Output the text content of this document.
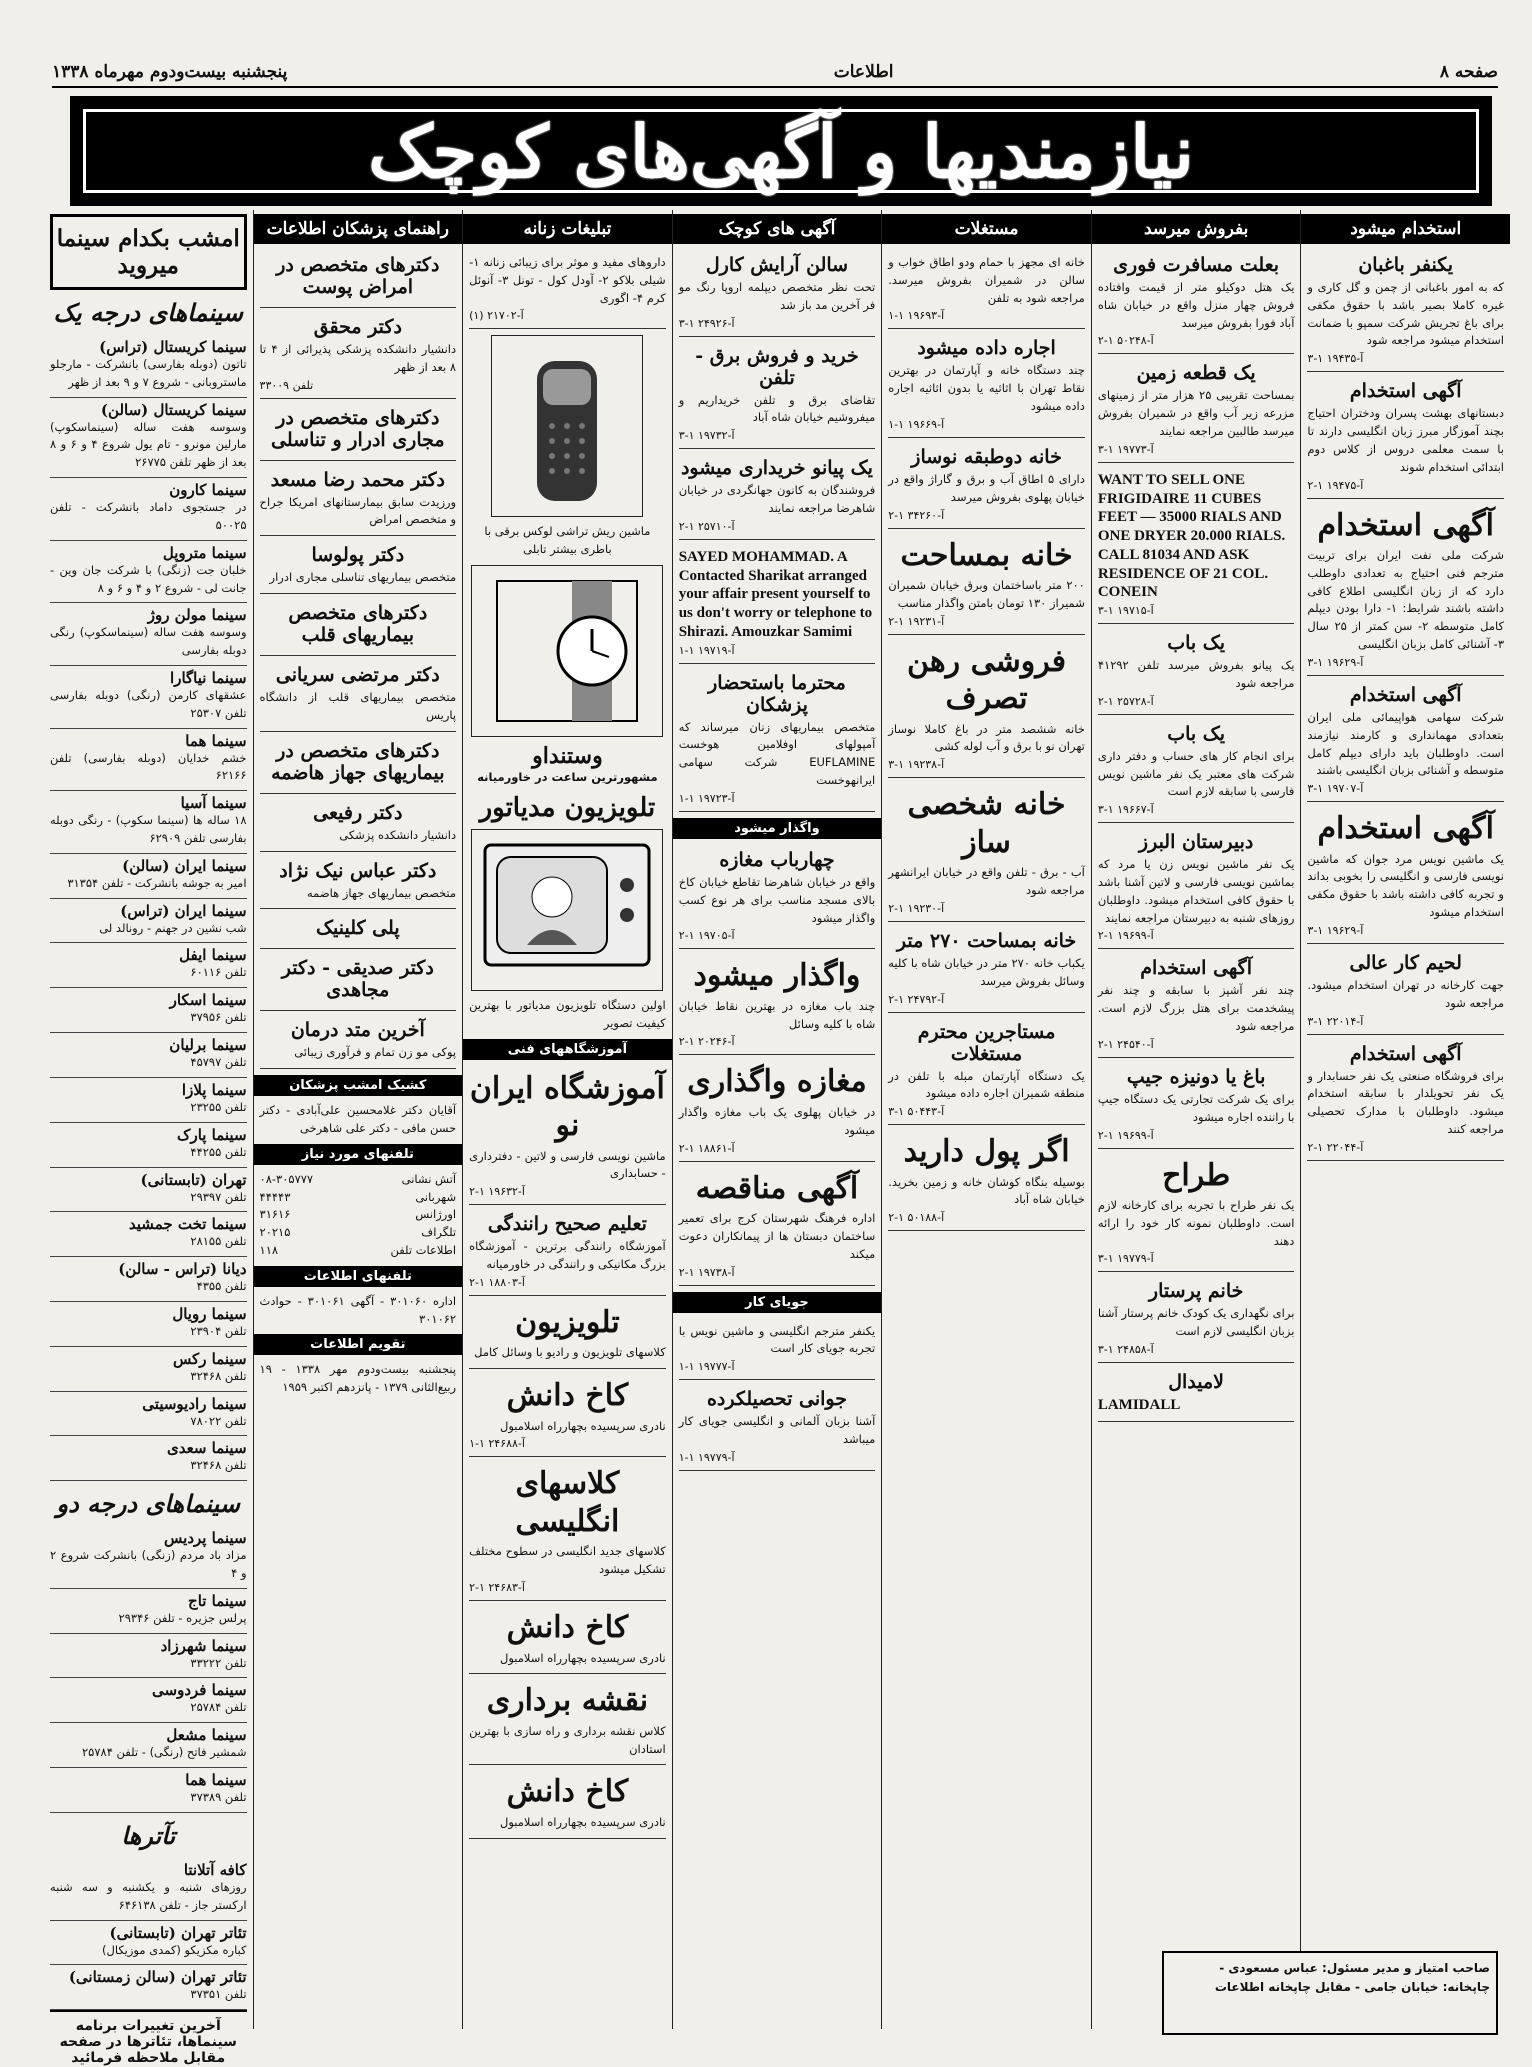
صفحه ۸
اطلاعات
پنجشنبه بیست‌ودوم مهرماه ۱۳۳۸
نیازمندیها و آگهی‌های کوچک
استخدام میشود
یکنفر باغبان
که به امور باغبانی از چمن و گل کاری و غیره کاملا بصیر باشد با حقوق مکفی برای باغ تجریش شرکت سمپو با ضمانت استخدام میشود مراجعه شود
۳-۱ ۱۹۴۳۵-آ
آگهی استخدام
دبستانهای بهشت پسران ودختران احتیاج بچند آموزگار مبرز زبان انگلیسی دارند تا با سمت معلمی دروس از کلاس دوم ابتدائی استخدام شوند
۲-۱ ۱۹۴۷۵-آ
آگهی استخدام
شرکت ملی نفت ایران برای تربیت مترجم فنی احتیاج به تعدادی داوطلب دارد که از زبان انگلیسی اطلاع کافی داشته باشند شرایط: ۱- دارا بودن دیپلم کامل متوسطه ۲- سن کمتر از ۲۵ سال ۳- آشنائی کامل بزبان انگلیسی
۳-۱ ۱۹۶۲۹-آ
آگهی استخدام
شرکت سهامی هواپیمائی ملی ایران بتعدادی مهمانداری و کارمند نیازمند است. داوطلبان باید دارای دیپلم کامل متوسطه و آشنائی بزبان انگلیسی باشند
۳-۱ ۱۹۷۰۷-آ
آگهی استخدام
یک ماشین نویس مرد جوان که ماشین نویسی فارسی و انگلیسی را بخوبی بداند و تجربه کافی داشته باشد با حقوق مکفی استخدام میشود
۳-۱ ۱۹۶۲۹-آ
لحیم کار عالی
جهت کارخانه در تهران استخدام میشود. مراجعه شود
۳-۱ ۲۲۰۱۴-آ
آگهی استخدام
برای فروشگاه صنعتی یک نفر حسابدار و یک نفر تحویلدار با سابقه استخدام میشود. داوطلبان با مدارک تحصیلی مراجعه کنند
۲-۱ ۲۲۰۴۴-آ
بفروش میرسد
بعلت مسافرت فوری
یک هتل دوکیلو متر از قیمت وافتاده فروش چهار منزل واقع در خیابان شاه آباد فورا بفروش میرسد
۲-۱ ۵۰۲۴۸-آ
یک قطعه زمین
بمساحت تقریبی ۲۵ هزار متر از زمینهای مزرعه زیر آب واقع در شمیران بفروش میرسد طالبین مراجعه نمایند
۳-۱ ۱۹۷۷۳-آ
WANT TO SELL ONE FRIGIDAIRE 11 CUBES FEET — 35000 RIALS AND ONE DRYER 20.000 RIALS. CALL 81034 AND ASK RESIDENCE OF 21 COL. CONEIN
۳-۱ ۱۹۷۱۵-آ
یک باب
یک پیانو بفروش میرسد تلفن ۴۱۲۹۲ مراجعه شود
۲-۱ ۲۵۷۲۸-آ
یک باب
برای انجام کار های حساب و دفتر داری شرکت های معتبر یک نفر ماشین نویس فارسی با سابقه لازم است
۳-۱ ۱۹۶۶۷-آ
دبیرستان البرز
یک نفر ماشین نویس زن یا مرد که بماشین نویسی فارسی و لاتین آشنا باشد با حقوق کافی استخدام میشود. داوطلبان روزهای شنبه به دبیرستان مراجعه نمایند
۲-۱ ۱۹۶۹۹-آ
آگهی استخدام
چند نفر آشپز با سابقه و چند نفر پیشخدمت برای هتل بزرگ لازم است. مراجعه شود
۲-۱ ۲۴۵۴۰-آ
باغ یا دونیزه جیپ
برای یک شرکت تجارتی یک دستگاه جیپ با راننده اجاره میشود
۲-۱ ۱۹۶۹۹-آ
طراح
یک نفر طراح با تجربه برای کارخانه لازم است. داوطلبان نمونه کار خود را ارائه دهند
۳-۱ ۱۹۷۷۹-آ
خانم پرستار
برای نگهداری یک کودک خانم پرستار آشنا بزبان انگلیسی لازم است
۳-۱ ۲۴۸۵۸-آ
لامیدال
LAMIDALL
مستغلات
خانه ای مجهز با حمام ودو اطاق خواب و سالن در شمیران بفروش میرسد. مراجعه شود به تلفن
۱-۱ ۱۹۶۹۳-آ
اجاره داده میشود
چند دستگاه خانه و آپارتمان در بهترین نقاط تهران با اثاثیه یا بدون اثاثیه اجاره داده میشود
۱-۱ ۱۹۶۶۹-آ
خانه دوطبقه نوساز
دارای ۵ اطاق آب و برق و گاراژ واقع در خیابان پهلوی بفروش میرسد
۲-۱ ۳۴۲۶۰-آ
خانه بمساحت
۲۰۰ متر باساختمان وبرق خیابان شمیران شمیراز ۱۳۰ تومان بامتن واگذار مناسب
۲-۱ ۱۹۲۳۱-آ
فروشی رهن تصرف
خانه ششصد متر در باغ کاملا نوساز تهران نو با برق و آب لوله کشی
۳-۱ ۱۹۲۳۸-آ
خانه شخصی ساز
آب - برق - تلفن واقع در خیابان ایرانشهر مراجعه شود
۲-۱ ۱۹۲۳۰-آ
خانه بمساحت ۲۷۰ متر
یکباب خانه ۲۷۰ متر در خیابان شاه با کلیه وسائل بفروش میرسد
۲-۱ ۲۴۷۹۲-آ
مستاجرین محترم مستغلات
یک دستگاه آپارتمان مبله با تلفن در منطقه شمیران اجاره داده میشود
۳-۱ ۵۰۴۴۳-آ
اگر پول دارید
بوسیله بنگاه کوشان خانه و زمین بخرید. خیابان شاه آباد
۲-۱ ۵۰۱۸۸-آ
آگهی های کوچک
سالن آرایش کارل
تحت نظر متخصص دیپلمه اروپا رنگ مو فر آخرین مد باز شد
۳-۱ ۲۴۹۲۶-آ
خرید و فروش برق - تلفن
تقاضای برق و تلفن خریداریم و میفروشیم خیابان شاه آباد
۳-۱ ۱۹۷۳۲-آ
یک پیانو خریداری میشود
فروشندگان به کانون جهانگردی در خیابان شاهرضا مراجعه نمایند
۲-۱ ۲۵۷۱۰-آ
SAYED MOHAMMAD. A Contacted Sharikat arranged your affair present yourself to us don't worry or telephone to Shirazi. Amouzkar Samimi
۱-۱ ۱۹۷۱۹-آ
محترما باستحضار پزشکان
متخصص بیماریهای زنان میرساند که آمپولهای اوفلامین هوخست EUFLAMINE شرکت سهامی ایرانهوخست
۱-۱ ۱۹۷۲۳-آ
واگذار میشود
چهارباب مغازه
واقع در خیابان شاهرضا تقاطع خیابان کاخ بالای مسجد مناسب برای هر نوع کسب واگذار میشود
۲-۱ ۱۹۷۰۵-آ
واگذار میشود
چند باب مغازه در بهترین نقاط خیابان شاه با کلیه وسائل
۲-۱ ۲۰۲۴۶-آ
مغازه واگذاری
در خیابان پهلوی یک باب مغازه واگذار میشود
۲-۱ ۱۸۸۶۱-آ
آگهی مناقصه
اداره فرهنگ شهرستان کرج برای تعمیر ساختمان دبستان ها از پیمانکاران دعوت میکند
۲-۱ ۱۹۷۳۸-آ
جویای کار
یکنفر مترجم انگلیسی و ماشین نویس با تجربه جویای کار است
۱-۱ ۱۹۷۷۷-آ
جوانی تحصیلکرده
آشنا بزبان آلمانی و انگلیسی جویای کار میباشد
۱-۱ ۱۹۷۷۹-آ
تبلیغات زنانه
داروهای مفید و موثر برای زیبائی زنانه ۱- شیلی بلاکو ۲- آودل کول - تونل ۳- آنوئل کرم ۴- اگوری
(۱) ۲۱۷۰۲-آ
ماشین ریش تراشی لوکس برقی با باطری بیشتر تابلی
وستنداو
مشهورترین ساعت در خاورمیانه
تلویزیون مدیاتور
اولین دستگاه تلویزیون مدیاتور با بهترین کیفیت تصویر
آموزشگاههای فنی
آموزشگاه ایران نو
ماشین نویسی فارسی و لاتین - دفترداری - حسابداری
۲-۱ ۱۹۶۳۲-آ
تعلیم صحیح رانندگی
آموزشگاه رانندگی برترین - آموزشگاه بزرگ مکانیکی و رانندگی در خاورمیانه
۲-۱ ۱۸۸۰۳-آ
تلویزیون
کلاسهای تلویزیون و رادیو با وسائل کامل
کاخ دانش
نادری سرپسیده بچهارراه اسلامبول
۱-۱ ۲۴۶۸۸-آ
کلاسهای انگلیسی
کلاسهای جدید انگلیسی در سطوح مختلف تشکیل میشود
۲-۱ ۲۴۶۸۳-آ
کاخ دانش
نادری سرپسیده بچهارراه اسلامبول
نقشه برداری
کلاس نقشه برداری و راه سازی با بهترین استادان
کاخ دانش
نادری سرپسیده بچهارراه اسلامبول
راهنمای پزشکان اطلاعات
دکترهای متخصص در امراض پوست
دکتر محقق
دانشیار دانشکده پزشکی پذیرائی از ۴ تا ۸ بعد از ظهر
تلفن ۳۳۰۰۹
دکترهای متخصص در مجاری ادرار و تناسلی
دکتر محمد رضا مسعد
ورزیدت سابق بیمارستانهای امریکا جراح و متخصص امراض
دکتر پولوسا
متخصص بیماریهای تناسلی مجاری ادرار
دکترهای متخصص بیماریهای قلب
دکتر مرتضی سریانی
متخصص بیماریهای قلب از دانشگاه پاریس
دکترهای متخصص در بیماریهای جهاز هاضمه
دکتر رفیعی
دانشیار دانشکده پزشکی
دکتر عباس نیک نژاد
متخصص بیماریهای جهاز هاضمه
پلی کلینیک
دکتر صدیقی - دکتر مجاهدی
آخرین متد درمان
پوکی مو زن تمام و فرآوری زیبائی
کشیک امشب پزشکان
آقایان دکتر غلامحسین علی‌آبادی - دکتر حسن مافی - دکتر علی شاهرخی
تلفنهای مورد نیاز
آتش نشانی
۰۸-۳۰۵۷۷۷
شهربانی
۴۴۴۴۳
اورژانس
۳۱۶۱۶
تلگراف
۲۰۲۱۵
اطلاعات تلفن
۱۱۸
تلفنهای اطلاعات
اداره ۳۰۱۰۶۰ - آگهی ۳۰۱۰۶۱ - حوادث ۳۰۱۰۶۲
تقویم اطلاعات
پنجشنبه بیست‌ودوم مهر ۱۳۳۸ - ۱۹ ربیع‌الثانی ۱۳۷۹ - پانزدهم اکتبر ۱۹۵۹
امشب بکدام سینما میروید
سینماهای درجه یک
سینما کریستال (تراس)
تاتون (دوبله بفارسی) بانشرکت - مارجلو ماستروبانی - شروع ۷ و ۹ بعد از ظهر
سینما کریستال (سالن)
وسوسه هفت ساله (سینماسکوپ) مارلین مونرو - تام یول شروع ۴ و ۶ و ۸ بعد از ظهر تلفن ۲۶۷۷۵
سینما کارون
در جستجوی داماد بانشرکت - تلفن ۵۰۰۲۵
سینما متروپل
خلبان جت (زنگی) با شرکت جان وین - جانت لی - شروع ۲ و ۴ و ۶ و ۸
سینما مولن روژ
وسوسه هفت ساله (سینماسکوپ) رنگی دوبله بفارسی
سینما نیاگارا
عشقهای کارمن (رنگی) دوبله بفارسی تلفن ۲۵۳۰۷
سینما هما
خشم خدایان (دوبله بفارسی) تلفن ۶۲۱۶۶
سینما آسیا
۱۸ ساله ها (سینما سکوپ) - رنگی دوبله بفارسی تلفن ۶۲۹۰۹
سینما ایران (سالن)
امیر به جوشه بانشرکت - تلفن ۳۱۳۵۴
سینما ایران (تراس)
شب نشین در جهنم - رونالد لی
سینما ایفل
تلفن ۶۰۱۱۶
سینما اسکار
تلفن ۳۷۹۵۶
سینما برلیان
تلفن ۴۵۷۹۷
سینما پلازا
تلفن ۲۳۲۵۵
سینما پارک
تلفن ۴۴۲۵۵
تهران (تابستانی)
تلفن ۲۹۳۹۷
سینما تخت جمشید
تلفن ۲۸۱۵۵
دیانا (تراس - سالن)
تلفن ۴۳۵۵
سینما رویال
تلفن ۲۳۹۰۴
سینما رکس
تلفن ۳۲۴۶۸
سینما رادیوسیتی
تلفن ۷۸۰۲۲
سینما سعدی
تلفن ۳۲۴۶۸
سینماهای درجه دو
سینما پردیس
مزاد باد مردم (زنگی) بانشرکت شروع ۲ و ۴
سینما تاج
پرلس جزیره - تلفن ۲۹۳۴۶
سینما شهرزاد
تلفن ۳۳۲۲۲
سینما فردوسی
تلفن ۲۵۷۸۴
سینما مشعل
شمشیر فاتح (رنگی) - تلفن ۲۵۷۸۴
سینما هما
تلفن ۳۷۳۸۹
تآترها
کافه آتلانتا
روزهای شنبه و یکشنبه و سه شنبه ارکستر جاز - تلفن ۶۴۶۱۳۸
تئاتر تهران (تابستانی)
کباره مکزیکو (کمدی موزیکال)
تئاتر تهران (سالن زمستانی)
تلفن ۳۷۳۵۱
آخرین تغییرات برنامه سینماها، تئاترها در صفحه مقابل ملاحظه فرمائید
صاحب امتیاز و مدیر مسئول: عباس مسعودی - چاپخانه: خیابان جامی - مقابل چاپخانه اطلاعات
